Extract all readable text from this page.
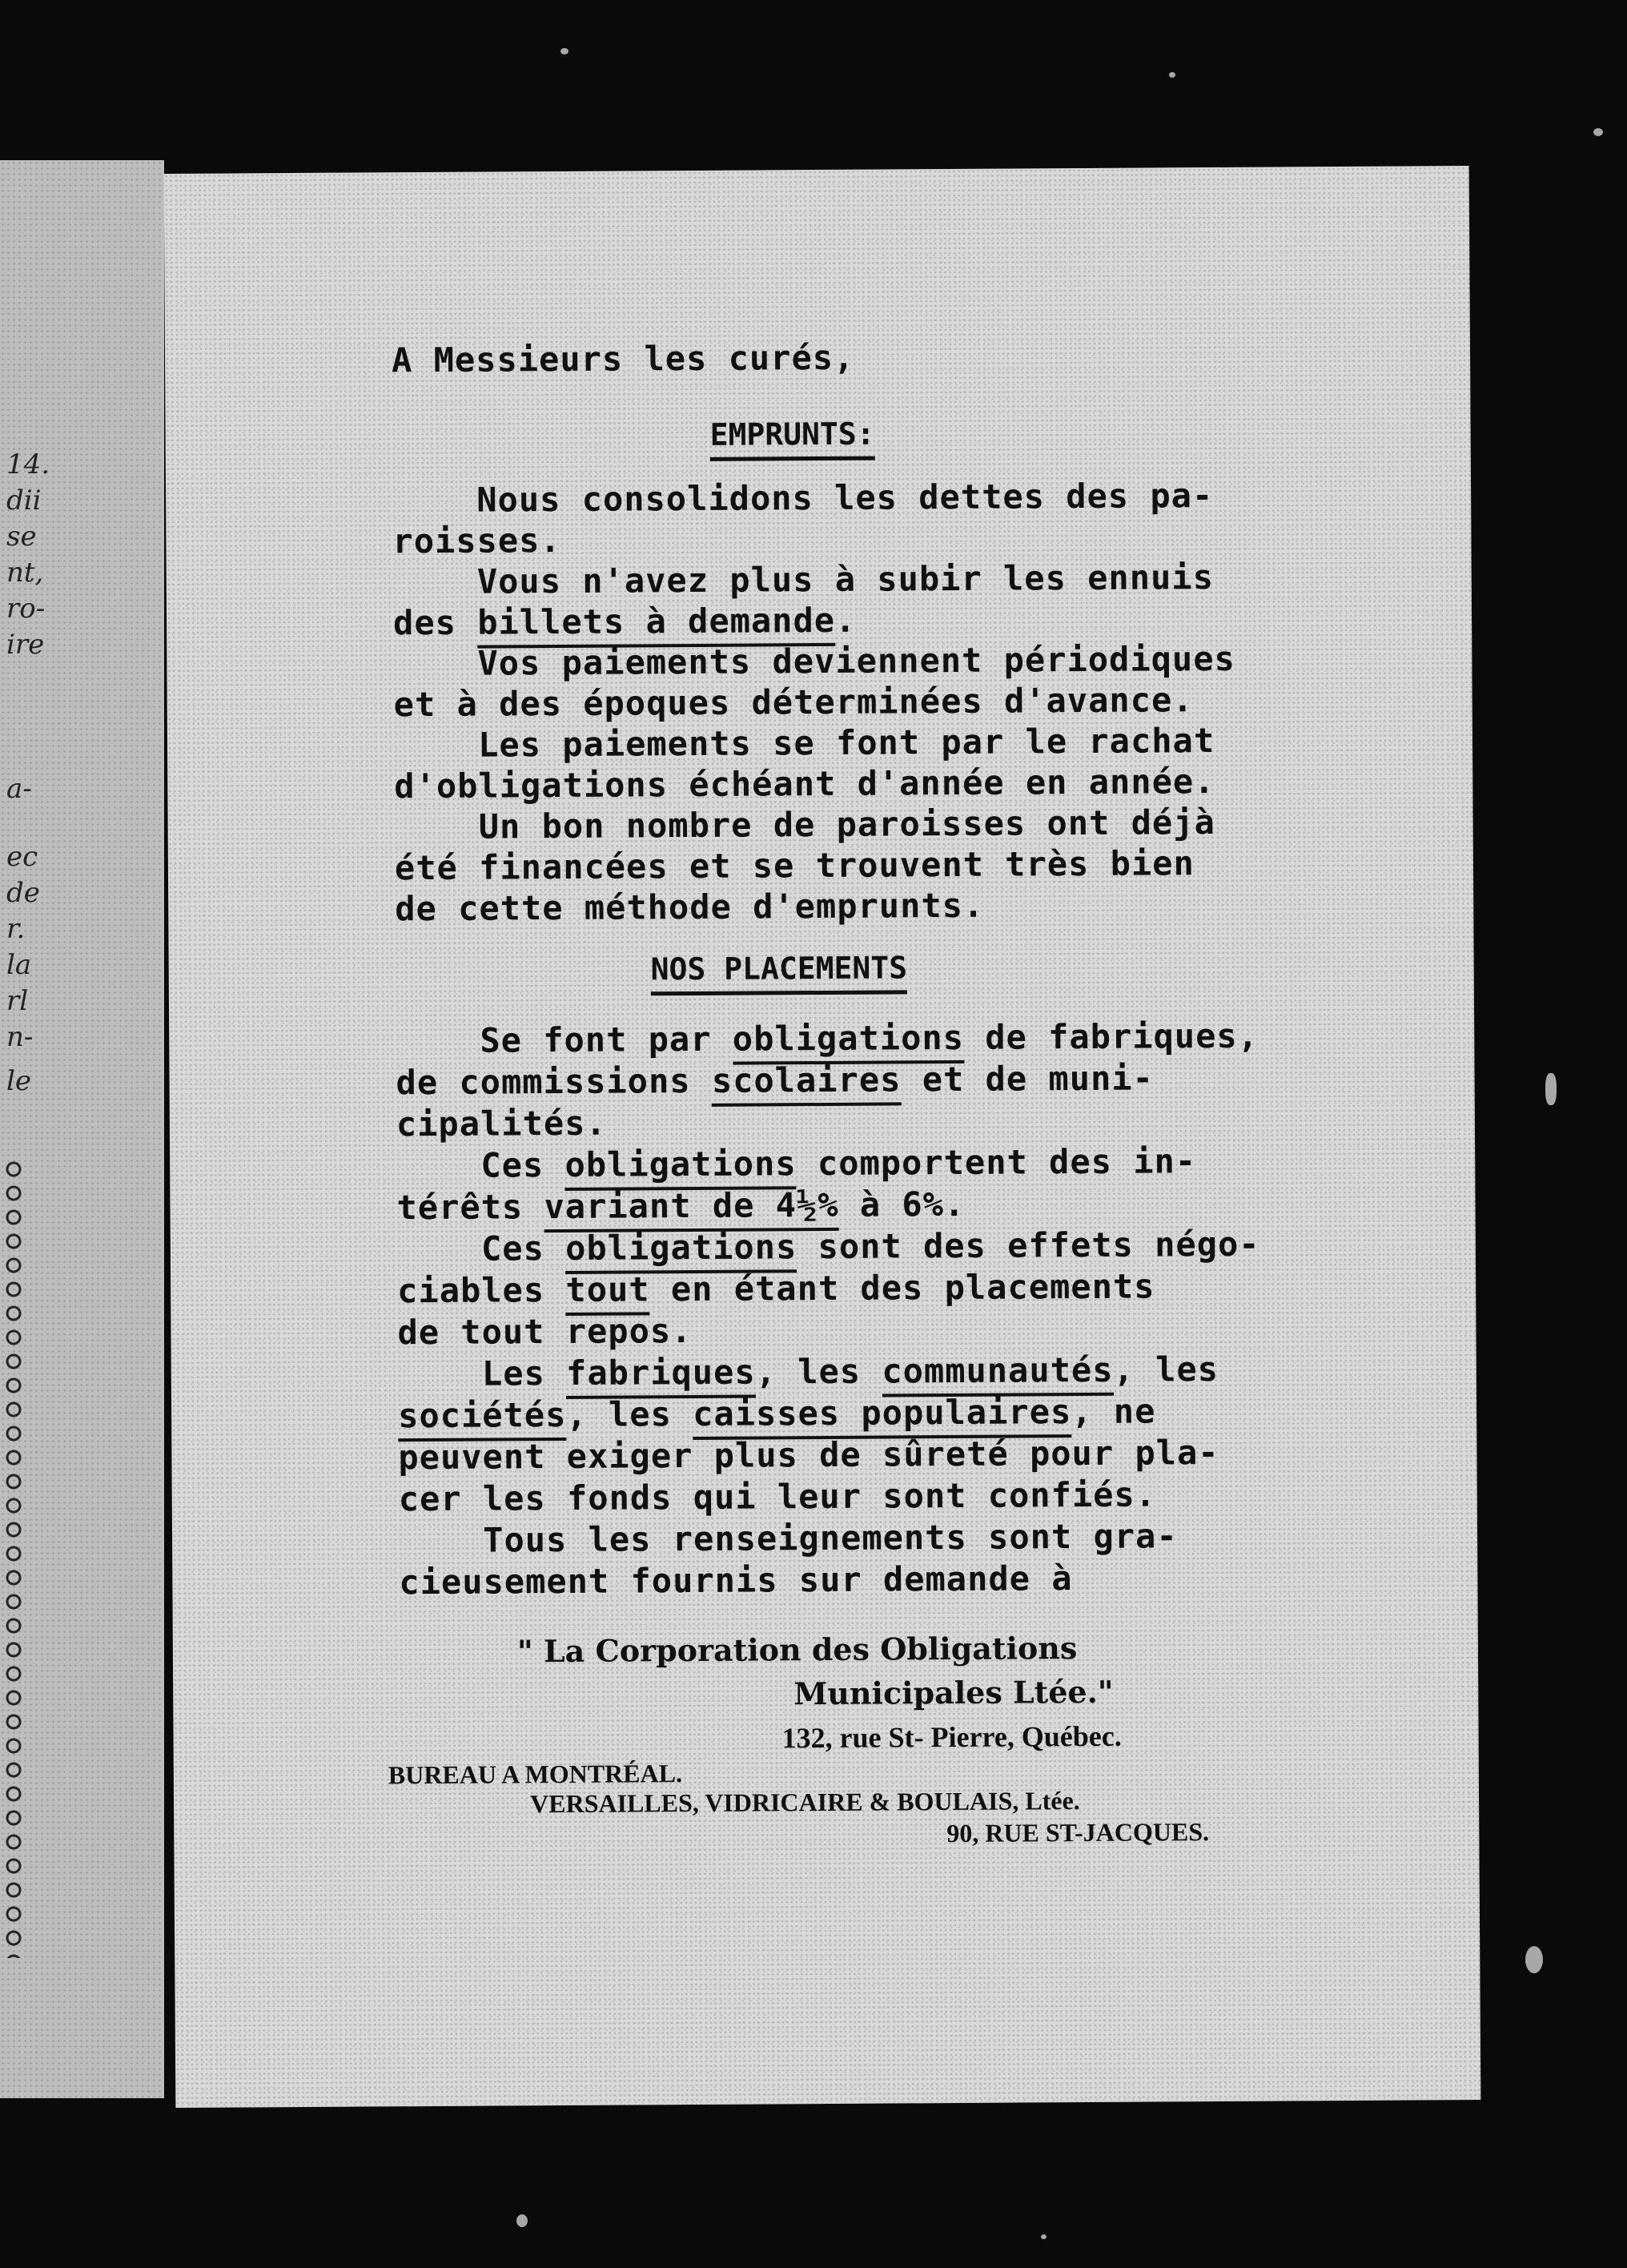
14.
dii
se
nt,
ro-
ire
a-
ec
de
r.
la
rl
n-
le
A Messieurs les curés,
EMPRUNTS:
Nous consolidons les dettes des pa-
roisses.
Vous n'avez plus à subir les ennuis
des billets à demande.
Vos paiements deviennent périodiques
et à des époques déterminées d'avance.
Les paiements se font par le rachat
d'obligations échéant d'année en année.
Un bon nombre de paroisses ont déjà
été financées et se trouvent très bien
de cette méthode d'emprunts.
NOS PLACEMENTS
Se font par obligations de fabriques,
de commissions scolaires et de muni-
cipalités.
Ces obligations comportent des in-
térêts variant de 4½% à 6%.
Ces obligations sont des effets négo-
ciables tout en étant des placements
de tout repos.
Les fabriques, les communautés, les
sociétés, les caisses populaires, ne
peuvent exiger plus de sûreté pour pla-
cer les fonds qui leur sont confiés.
Tous les renseignements sont gra-
cieusement fournis sur demande à
" La Corporation des Obligations
Municipales Ltée."
132, rue St- Pierre, Québec.
BUREAU A MONTRÉAL.
VERSAILLES, VIDRICAIRE & BOULAIS, Ltée.
90, RUE ST-JACQUES.
